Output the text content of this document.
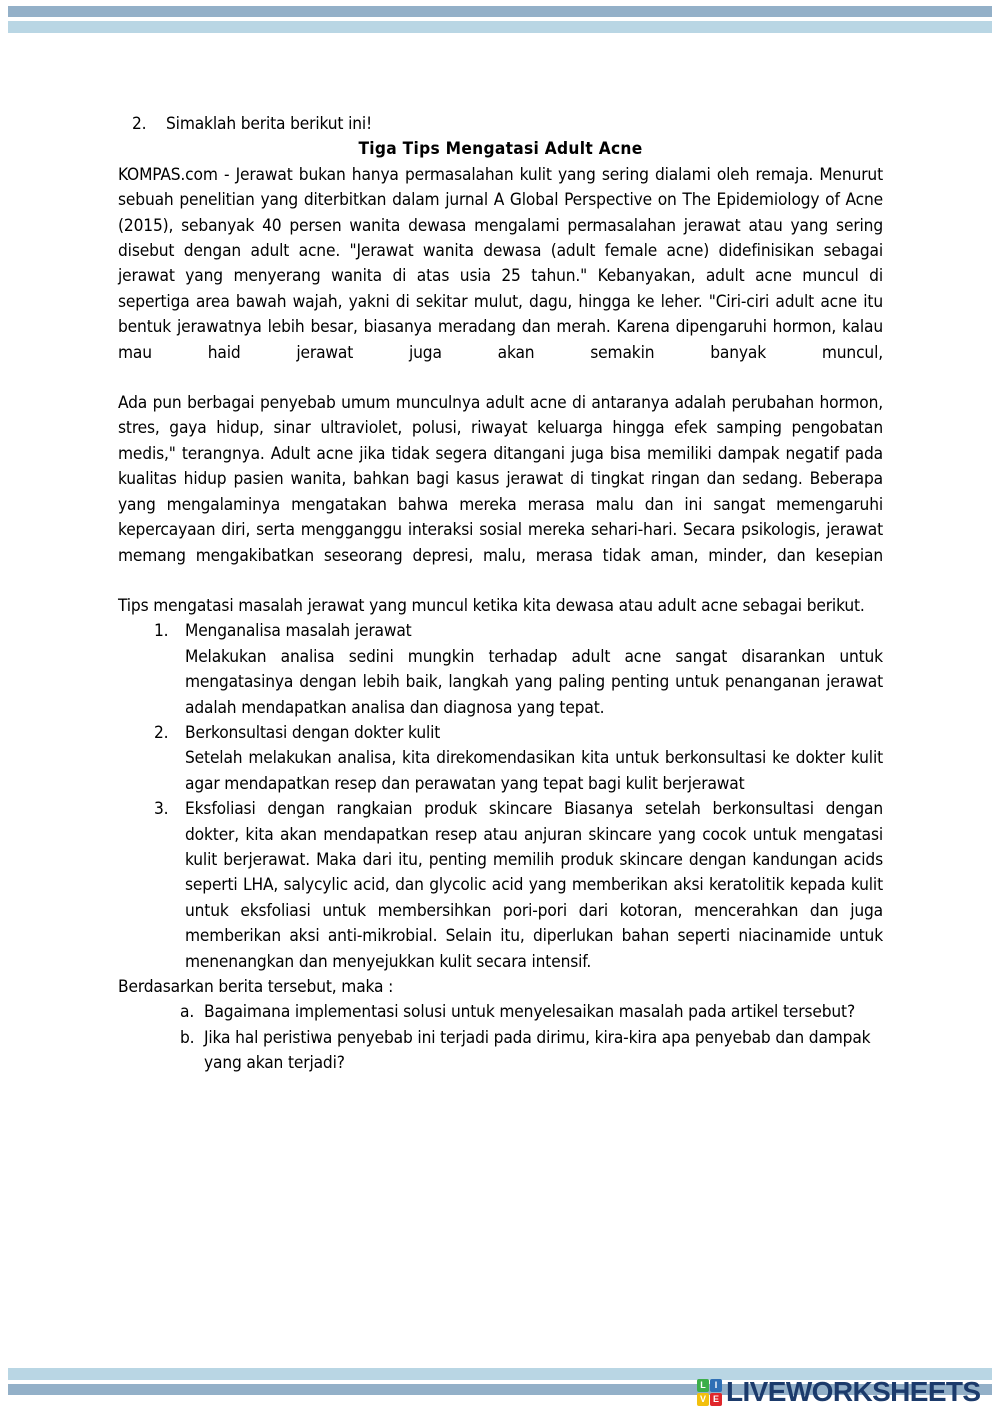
2.	Simaklah berita berikut ini!

Tiga Tips Mengatasi Adult Acne

KOMPAS.com - Jerawat bukan hanya permasalahan kulit yang sering dialami oleh remaja. Menurut sebuah penelitian yang diterbitkan dalam jurnal A Global Perspective on The Epidemiology of Acne (2015), sebanyak 40 persen wanita dewasa mengalami permasalahan jerawat atau yang sering disebut dengan adult acne. "Jerawat wanita dewasa (adult female acne) didefinisikan sebagai jerawat yang menyerang wanita di atas usia 25 tahun." Kebanyakan, adult acne muncul di sepertiga area bawah wajah, yakni di sekitar mulut, dagu, hingga ke leher. "Ciri-ciri adult acne itu bentuk jerawatnya lebih besar, biasanya meradang dan merah. Karena dipengaruhi hormon, kalau mau haid jerawat juga akan semakin banyak muncul,

Ada pun berbagai penyebab umum munculnya adult acne di antaranya adalah perubahan hormon, stres, gaya hidup, sinar ultraviolet, polusi, riwayat keluarga hingga efek samping pengobatan medis," terangnya. Adult acne jika tidak segera ditangani juga bisa memiliki dampak negatif pada kualitas hidup pasien wanita, bahkan bagi kasus jerawat di tingkat ringan dan sedang. Beberapa yang mengalaminya mengatakan bahwa mereka merasa malu dan ini sangat memengaruhi kepercayaan diri, serta mengganggu interaksi sosial mereka sehari-hari. Secara psikologis, jerawat memang mengakibatkan seseorang depresi, malu, merasa tidak aman, minder, dan kesepian

Tips mengatasi masalah jerawat yang muncul ketika kita dewasa atau adult acne sebagai berikut.

1. Menganalisa masalah jerawat
Melakukan analisa sedini mungkin terhadap adult acne sangat disarankan untuk mengatasinya dengan lebih baik, langkah yang paling penting untuk penanganan jerawat adalah mendapatkan analisa dan diagnosa yang tepat.
2. Berkonsultasi dengan dokter kulit
Setelah melakukan analisa, kita direkomendasikan kita untuk berkonsultasi ke dokter kulit agar mendapatkan resep dan perawatan yang tepat bagi kulit berjerawat
3. Eksfoliasi dengan rangkaian produk skincare Biasanya setelah berkonsultasi dengan dokter, kita akan mendapatkan resep atau anjuran skincare yang cocok untuk mengatasi kulit berjerawat. Maka dari itu, penting memilih produk skincare dengan kandungan acids seperti LHA, salycylic acid, dan glycolic acid yang memberikan aksi keratolitik kepada kulit untuk eksfoliasi untuk membersihkan pori-pori dari kotoran, mencerahkan dan juga memberikan aksi anti-mikrobial. Selain itu, diperlukan bahan seperti niacinamide untuk menenangkan dan menyejukkan kulit secara intensif.

Berdasarkan berita tersebut, maka :

a. Bagaimana implementasi solusi untuk menyelesaikan masalah pada artikel tersebut?
b. Jika hal peristiwa penyebab ini terjadi pada dirimu, kira-kira apa penyebab dan dampak yang akan terjadi?
L I
V E LIVEWORKSHEETS
